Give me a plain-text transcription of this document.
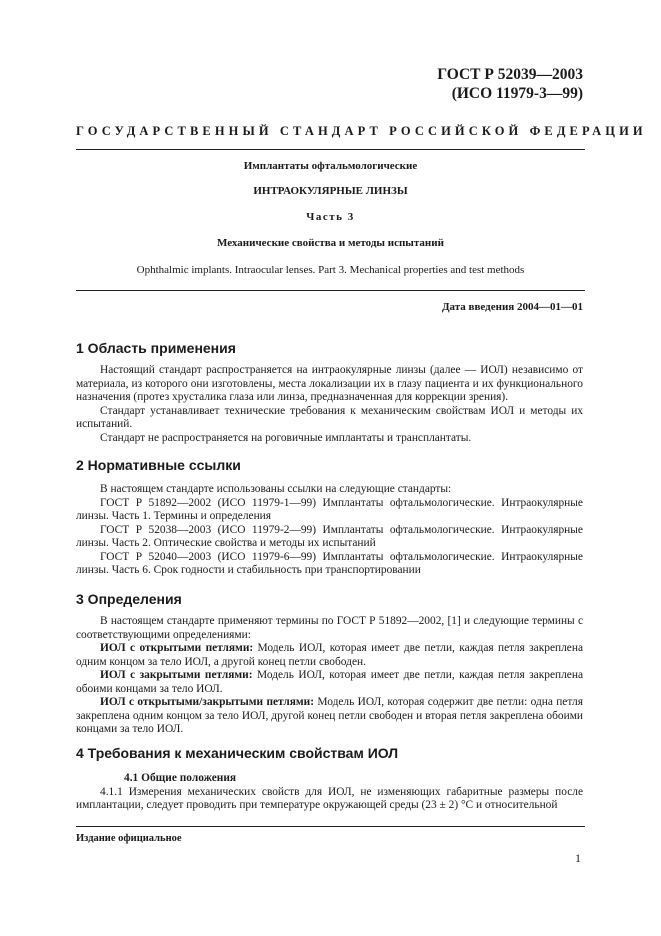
ГОСТ Р 52039—2003
(ИСО 11979-3—99)
ГОСУДАРСТВЕННЫЙ СТАНДАРТ РОССИЙСКОЙ ФЕДЕРАЦИИ
Имплантаты офтальмологические
ИНТРАОКУЛЯРНЫЕ ЛИНЗЫ
Часть 3
Механические свойства и методы испытаний
Ophthalmic implants. Intraocular lenses. Part 3. Mechanical properties and test methods
Дата введения 2004—01—01
1 Область применения

Настоящий стандарт распространяется на интраокулярные линзы (далее — ИОЛ) независимо от материала, из которого они изготовлены, места локализации их в глазу пациента и их функционального назначения (протез хрусталика глаза или линза, предназначенная для коррекции зрения).

Стандарт устанавливает технические требования к механическим свойствам ИОЛ и методы их испытаний.

Стандарт не распространяется на роговичные имплантаты и трансплантаты.

2 Нормативные ссылки

В настоящем стандарте использованы ссылки на следующие стандарты:

ГОСТ Р 51892—2002 (ИСО 11979-1—99) Имплантаты офтальмологические. Интраокулярные линзы. Часть 1. Термины и определения

ГОСТ Р 52038—2003 (ИСО 11979-2—99) Имплантаты офтальмологические. Интраокулярные линзы. Часть 2. Оптические свойства и методы их испытаний

ГОСТ Р 52040—2003 (ИСО 11979-6—99) Имплантаты офтальмологические. Интраокулярные линзы. Часть 6. Срок годности и стабильность при транспортировании

3 Определения

В настоящем стандарте применяют термины по ГОСТ Р 51892—2002, [1] и следующие термины с соответствующими определениями:

ИОЛ с открытыми петлями: Модель ИОЛ, которая имеет две петли, каждая петля закреплена одним концом за тело ИОЛ, а другой конец петли свободен.

ИОЛ с закрытыми петлями: Модель ИОЛ, которая имеет две петли, каждая петля закреплена обоими концами за тело ИОЛ.

ИОЛ с открытыми/закрытыми петлями: Модель ИОЛ, которая содержит две петли: одна петля закреплена одним концом за тело ИОЛ, другой конец петли свободен и вторая петля закреплена обоими концами за тело ИОЛ.

4 Требования к механическим свойствам ИОЛ

4.1 Общие положения

4.1.1 Измерения механических свойств для ИОЛ, не изменяющих габаритные размеры после имплантации, следует проводить при температуре окружающей среды (23 ± 2) °С и относительной

Издание официальное
1
